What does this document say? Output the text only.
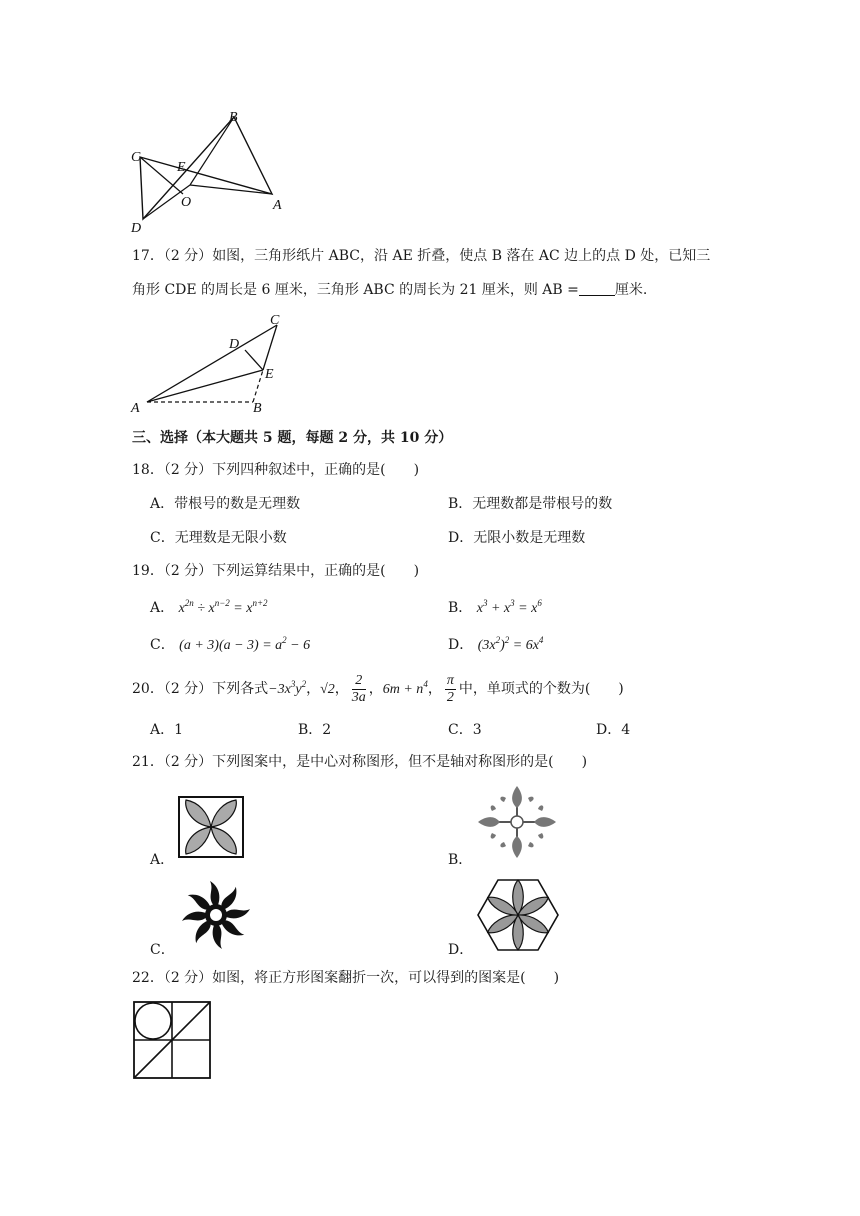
B
C
E
O	A
D
17．（2 分）如图，三角形纸片 ABC，沿 AE 折叠，使点 B 落在 AC 边上的点 D 处，已知三
角形 CDE 的周长是 6 厘米，三角形 ABC 的周长为 21 厘米，则 AB =	厘米.
C
D
E
A	B
三、选择（本大题共 5 题，每题 2 分，共 10 分）
18．（2 分）下列四种叙述中，正确的是(　　)
A．带根号的数是无理数	B．无理数都是带根号的数
C．无理数是无限小数	D．无限小数是无理数
19．（2 分）下列运算结果中，正确的是(　　)
A． $x^{2n} \div x^{n-2} = x^{n+2}$	B． $x^3 + x^3 = x^6$
C． $(a + 3)(a - 3) = a^2 - 6$	D． $(3x^2)^2 = 6x^4$
20．（2 分）下列各式$-3x^3y^2$，√2， $\frac{2}{3a}$ ，$6m + n^4$， $\frac{\pi}{2}$ 中，单项式的个数为(　　)
A．1	B．2	C．3	D．4
21．（2 分）下列图案中，是中心对称图形，但不是轴对称图形的是(　　)
A．	B．
C．	D．
22．（2 分）如图，将正方形图案翻折一次，可以得到的图案是(　　)
